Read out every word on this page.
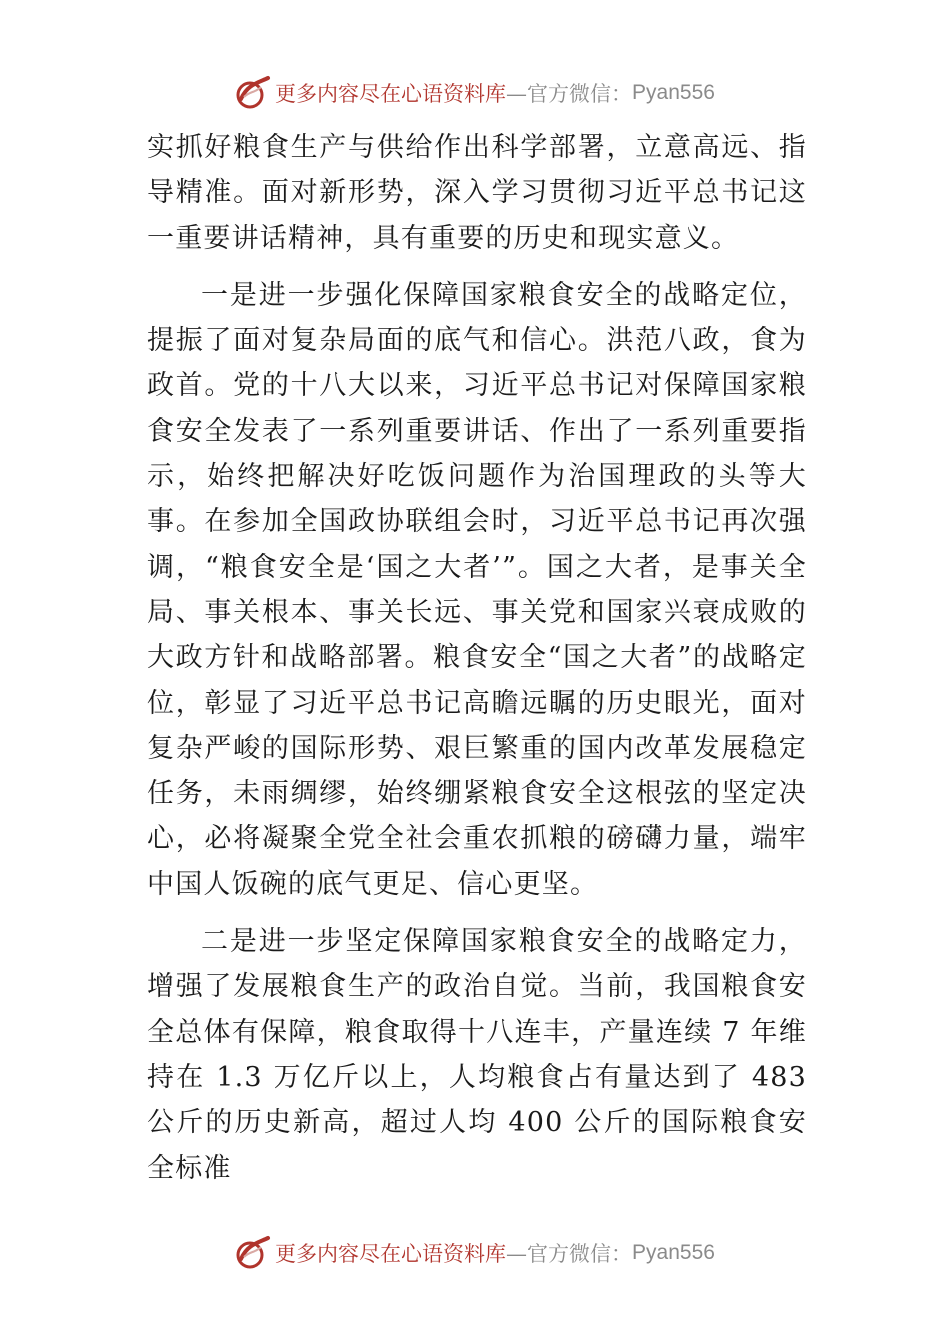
更多内容尽在心语资料库 —官方微信： Pyan556

实抓好粮食生产与供给作出科学部署，立意高远、指导精准。面对新形势，深入学习贯彻习近平总书记这一重要讲话精神，具有重要的历史和现实意义。

一是进一步强化保障国家粮食安全的战略定位，提振了面对复杂局面的底气和信心。洪范八政，食为政首。党的十八大以来，习近平总书记对保障国家粮食安全发表了一系列重要讲话、作出了一系列重要指示，始终把解决好吃饭问题作为治国理政的头等大事。在参加全国政协联组会时，习近平总书记再次强调，“粮食安全是‘国之大者’”。国之大者，是事关全局、事关根本、事关长远、事关党和国家兴衰成败的大政方针和战略部署。粮食安全“国之大者”的战略定位，彰显了习近平总书记高瞻远瞩的历史眼光，面对复杂严峻的国际形势、艰巨繁重的国内改革发展稳定任务，未雨绸缪，始终绷紧粮食安全这根弦的坚定决心，必将凝聚全党全社会重农抓粮的磅礴力量，端牢中国人饭碗的底气更足、信心更坚。

二是进一步坚定保障国家粮食安全的战略定力，增强了发展粮食生产的政治自觉。当前，我国粮食安全总体有保障，粮食取得十八连丰，产量连续 7 年维持在 1.3 万亿斤以上，人均粮食占有量达到了 483 公斤的历史新高，超过人均 400 公斤的国际粮食安全标准

更多内容尽在心语资料库 —官方微信： Pyan556
